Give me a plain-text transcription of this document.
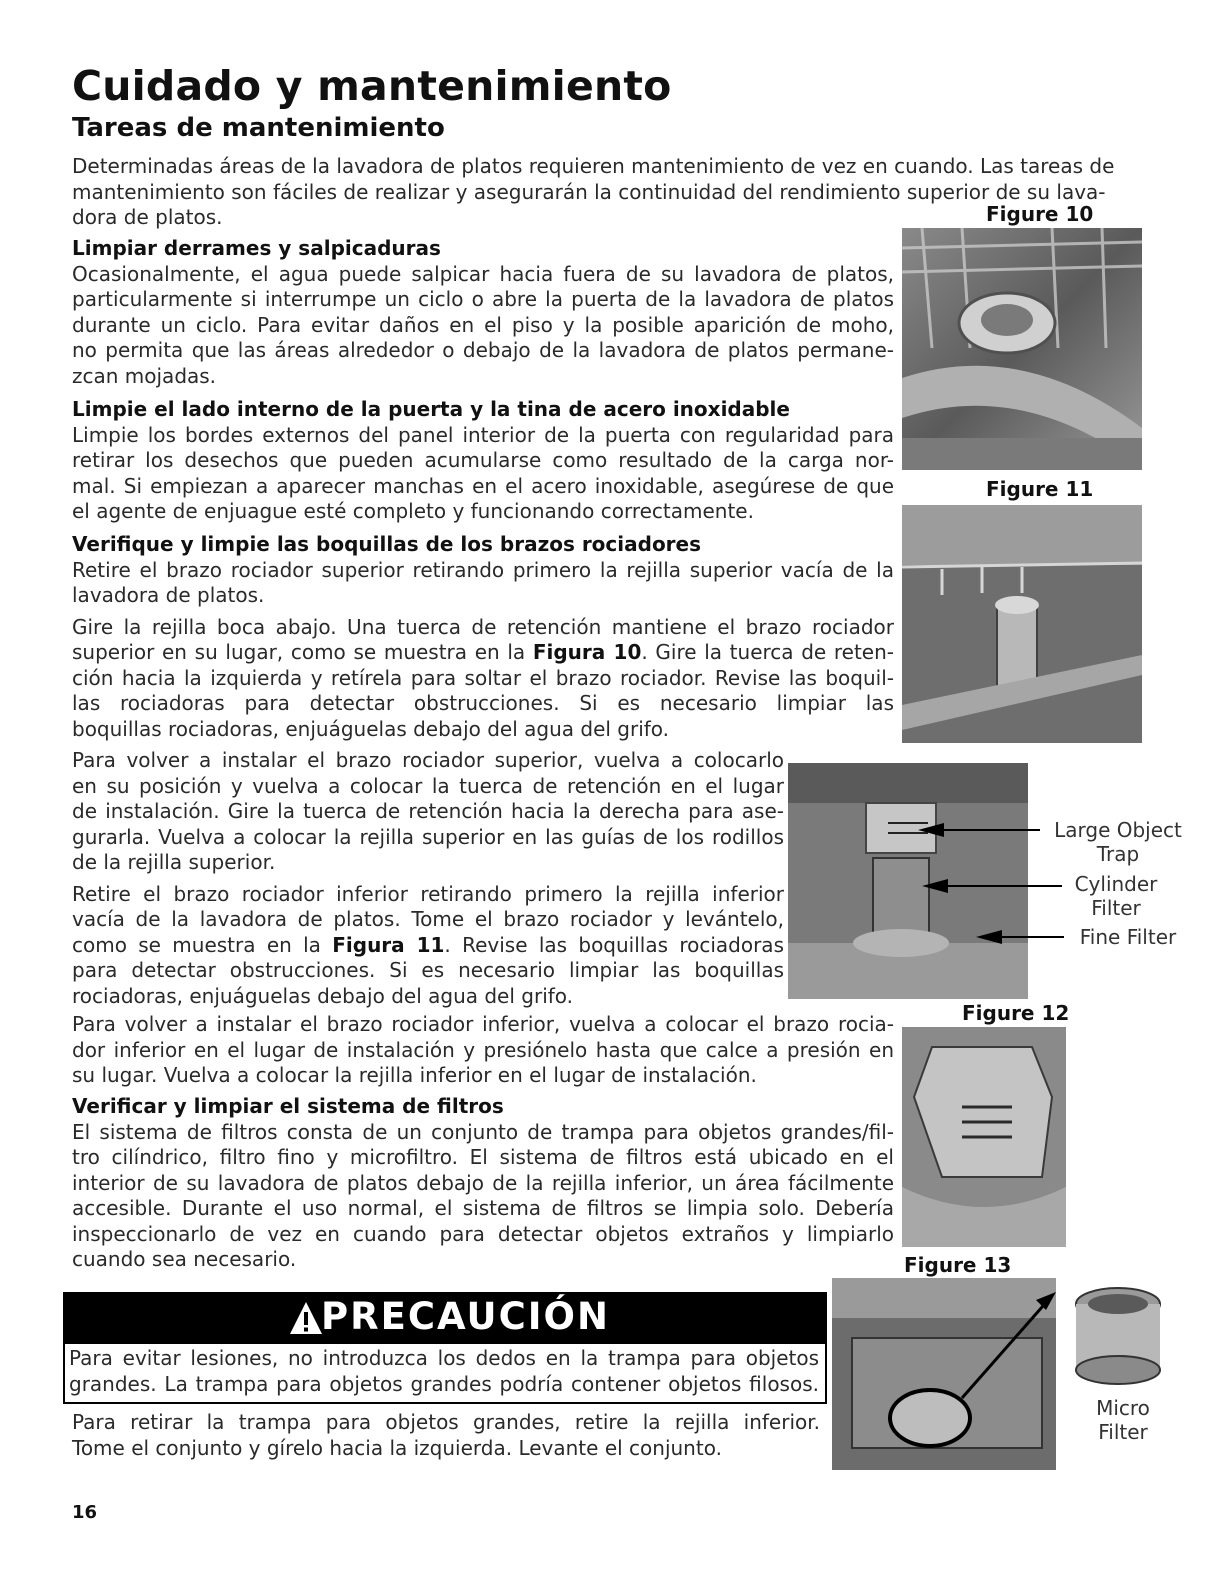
Cuidado y mantenimiento
Tareas de mantenimiento

Determinadas áreas de la lavadora de platos requieren mantenimiento de vez en cuando. Las tareas de

mantenimiento son fáciles de realizar y asegurarán la continuidad del rendimiento superior de su lava-

dora de platos.

Limpiar derrames y salpicaduras

Ocasionalmente, el agua puede salpicar hacia fuera de su lavadora de platos,

particularmente si interrumpe un ciclo o abre la puerta de la lavadora de platos

durante un ciclo. Para evitar daños en el piso y la posible aparición de moho,

no permita que las áreas alrededor o debajo de la lavadora de platos permane-

zcan mojadas.

Limpie el lado interno de la puerta y la tina de acero inoxidable

Limpie los bordes externos del panel interior de la puerta con regularidad para

retirar los desechos que pueden acumularse como resultado de la carga nor-

mal. Si empiezan a aparecer manchas en el acero inoxidable, asegúrese de que

el agente de enjuague esté completo y funcionando correctamente.

Verifique y limpie las boquillas de los brazos rociadores

Retire el brazo rociador superior retirando primero la rejilla superior vacía de la

lavadora de platos.

Gire la rejilla boca abajo. Una tuerca de retención mantiene el brazo rociador

superior en su lugar, como se muestra en la Figura 10. Gire la tuerca de reten-

ción hacia la izquierda y retírela para soltar el brazo rociador. Revise las boquil-

las rociadoras para detectar obstrucciones. Si es necesario limpiar las

boquillas rociadoras, enjuáguelas debajo del agua del grifo.

Para volver a instalar el brazo rociador superior, vuelva a colocarlo

en su posición y vuelva a colocar la tuerca de retención en el lugar

de instalación. Gire la tuerca de retención hacia la derecha para ase-

gurarla. Vuelva a colocar la rejilla superior en las guías de los rodillos

de la rejilla superior.

Retire el brazo rociador inferior retirando primero la rejilla inferior

vacía de la lavadora de platos. Tome el brazo rociador y levántelo,

como se muestra en la Figura 11. Revise las boquillas rociadoras

para detectar obstrucciones. Si es necesario limpiar las boquillas

rociadoras, enjuáguelas debajo del agua del grifo.

Para volver a instalar el brazo rociador inferior, vuelva a colocar el brazo rocia-

dor inferior en el lugar de instalación y presiónelo hasta que calce a presión en

su lugar. Vuelva a colocar la rejilla inferior en el lugar de instalación.

Verificar y limpiar el sistema de filtros

El sistema de filtros consta de un conjunto de trampa para objetos grandes/fil-

tro cilíndrico, filtro fino y microfiltro. El sistema de filtros está ubicado en el

interior de su lavadora de platos debajo de la rejilla inferior, un área fácilmente

accesible. Durante el uso normal, el sistema de filtros se limpia solo. Debería

inspeccionarlo de vez en cuando para detectar objetos extraños y limpiarlo

cuando sea necesario.

PRECAUCIÓN

Para evitar lesiones, no introduzca los dedos en la trampa para objetos

grandes. La trampa para objetos grandes podría contener objetos filosos.

Para retirar la trampa para objetos grandes, retire la rejilla inferior.

Tome el conjunto y gírelo hacia la izquierda. Levante el conjunto.

16
Figure 10
Figure 11
Figure 12
Figure 13
Large Object
Trap
Cylinder
Filter
Fine Filter
Micro
Filter
